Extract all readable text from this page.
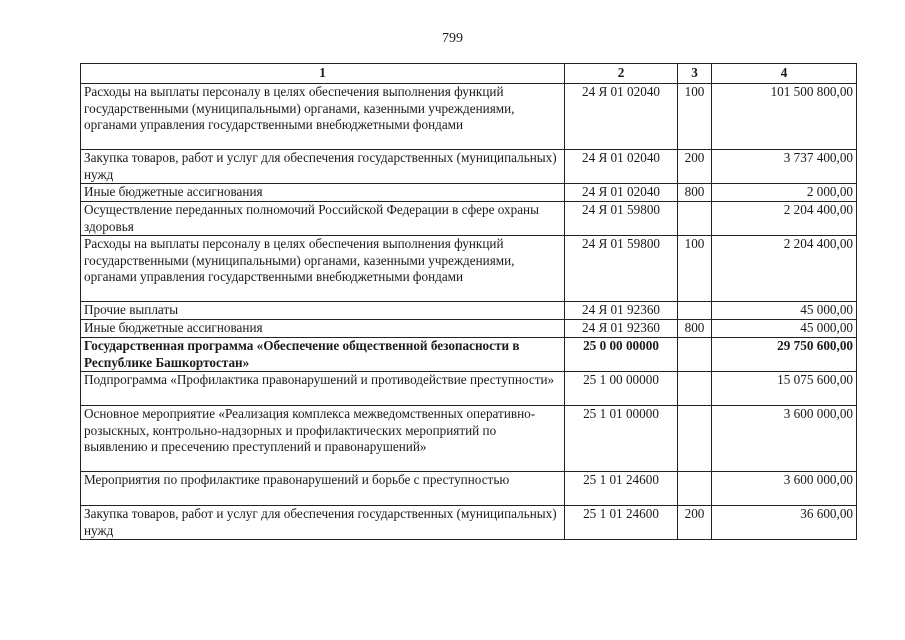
799
1	2	3	4
Расходы на выплаты персоналу в целях обеспечения выполнения функций государственными (муниципальными) органами, казенными учреждениями, органами управления государственными внебюджетными фондами	24 Я 01 02040	100	101 500 800,00
Закупка товаров, работ и услуг для обеспечения государственных (муниципальных) нужд	24 Я 01 02040	200	3 737 400,00
Иные бюджетные ассигнования	24 Я 01 02040	800	2 000,00
Осуществление переданных полномочий Российской Федерации в сфере охраны здоровья	24 Я 01 59800		2 204 400,00
Расходы на выплаты персоналу в целях обеспечения выполнения функций государственными (муниципальными) органами, казенными учреждениями, органами управления государственными внебюджетными фондами	24 Я 01 59800	100	2 204 400,00
Прочие выплаты	24 Я 01 92360		45 000,00
Иные бюджетные ассигнования	24 Я 01 92360	800	45 000,00
Государственная программа «Обеспечение общественной безопасности в Республике Башкортостан»	25 0 00 00000		29 750 600,00
Подпрограмма «Профилактика правонарушений и противодействие преступности»	25 1 00 00000		15 075 600,00
Основное мероприятие «Реализация комплекса межведомственных оперативно-розыскных, контрольно-надзорных и профилактических мероприятий по выявлению и пресечению преступлений и правонарушений»	25 1 01 00000		3 600 000,00
Мероприятия по профилактике правонарушений и борьбе с преступностью	25 1 01 24600		3 600 000,00
Закупка товаров, работ и услуг для обеспечения государственных (муниципальных) нужд	25 1 01 24600	200	36 600,00
